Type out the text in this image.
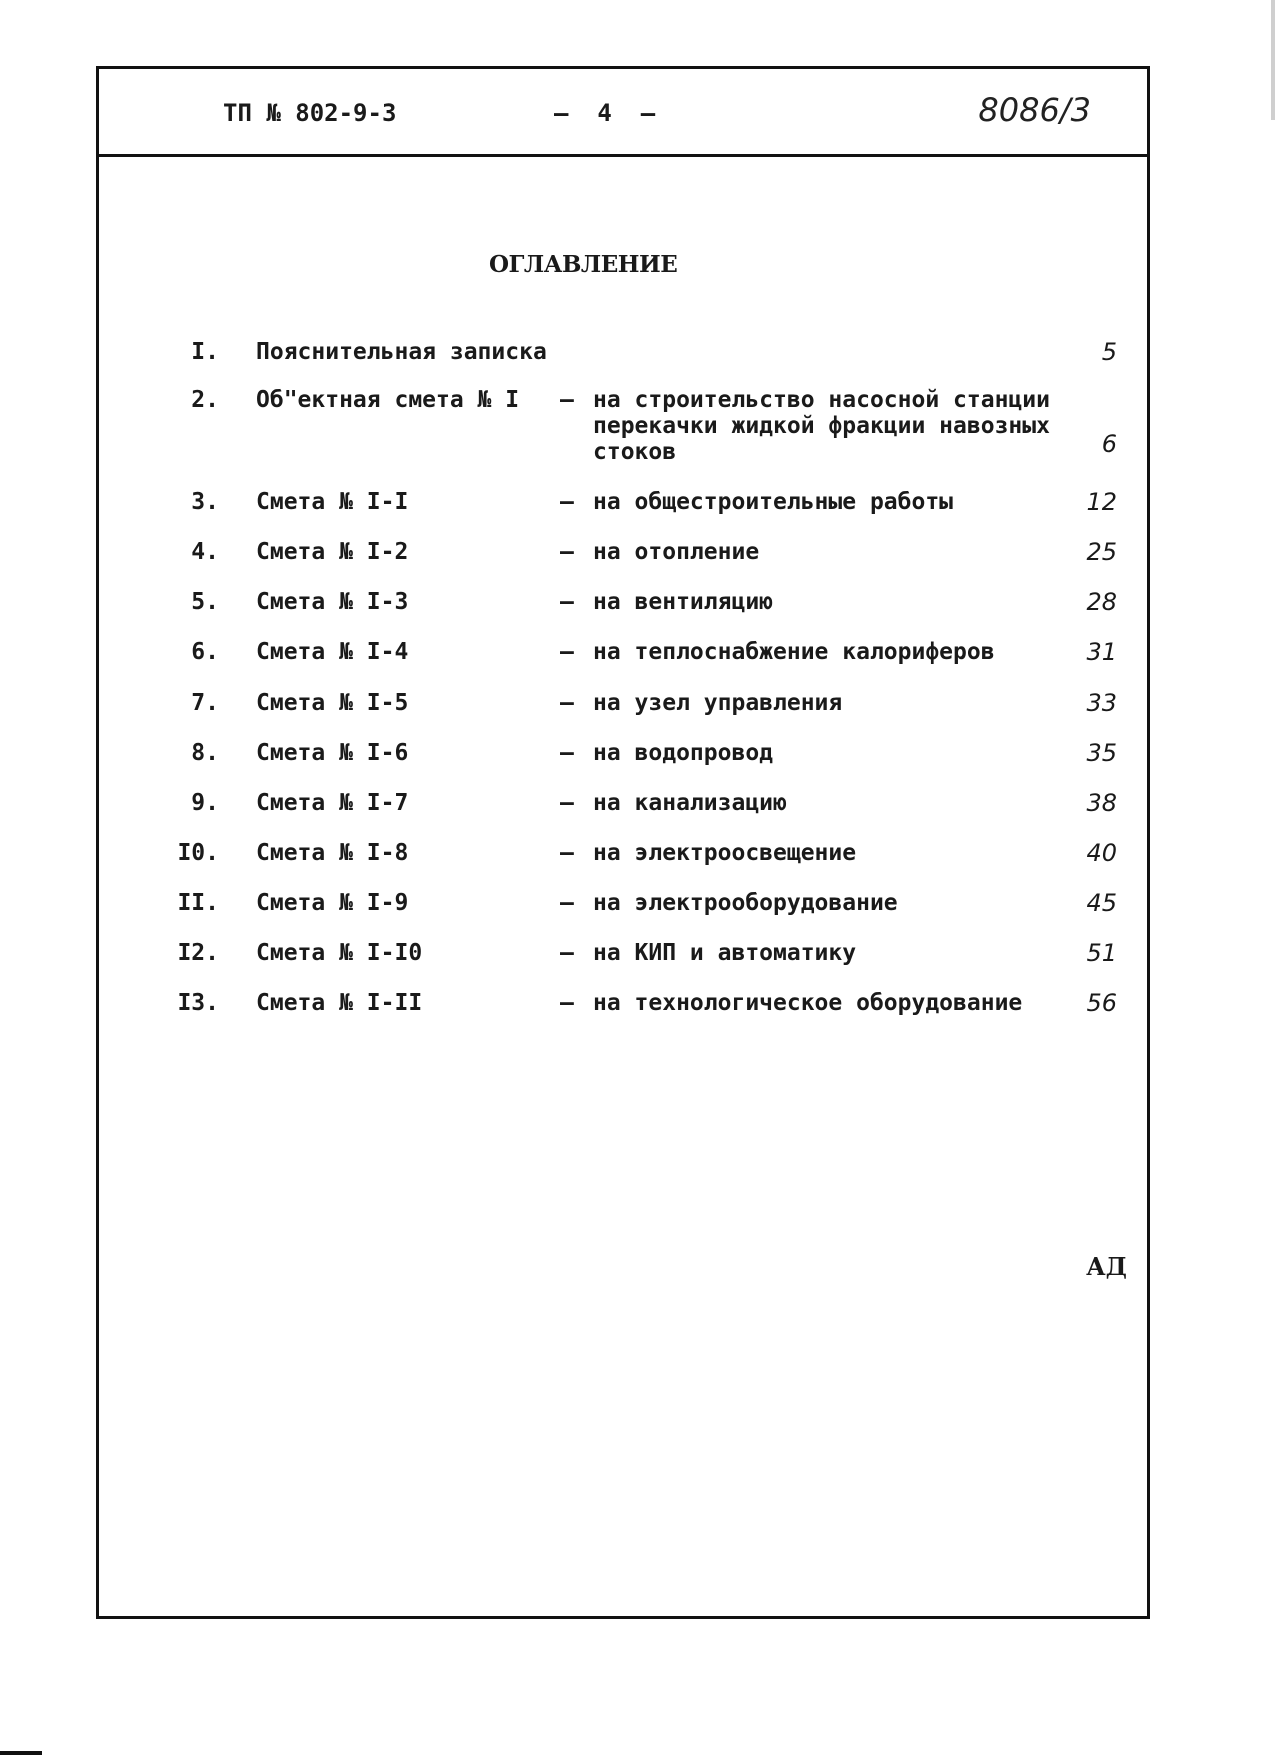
ТП № 802-9-3	–  4  –	8086/3
ОГЛАВЛЕНИЕ
I. Пояснительная записка	5
2. Об"ектная смета № I – на строительство насосной станции перекачки жидкой фракции навозных стоков	6
3. Смета № I-I	– на общестроительные работы	12
4. Смета № I-2	– на отопление	25
5. Смета № I-3	– на вентиляцию	28
6. Смета № I-4	– на теплоснабжение калориферов	31
7. Смета № I-5	– на узел управления	33
8. Смета № I-6	– на водопровод	35
9. Смета № I-7	– на канализацию	38
I0. Смета № I-8	– на электроосвещение	40
II. Смета № I-9	– на электрооборудование	45
I2. Смета № I-I0	– на КИП и автоматику	51
I3. Смета № I-II	– на технологическое оборудование	56
АД
